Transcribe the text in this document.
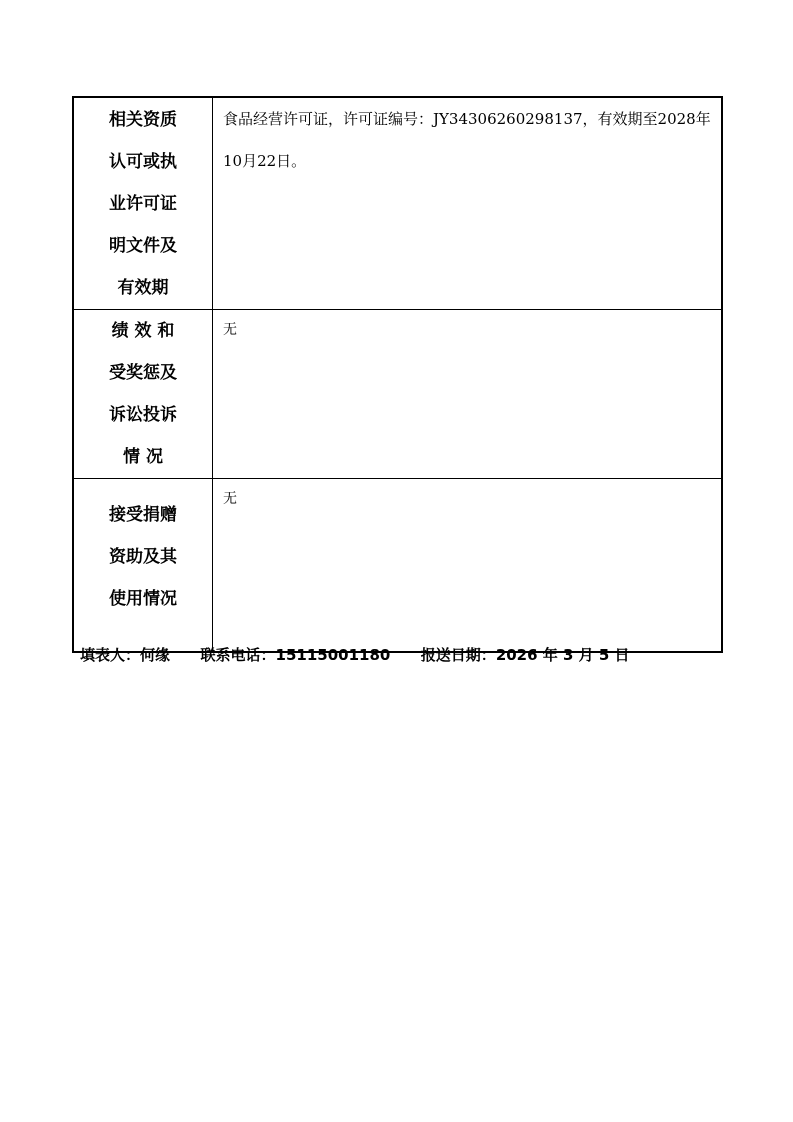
相关资质
认可或执
业许可证
明文件及
有效期	食品经营许可证，许可证编号：JY34306260298137，有效期至2028年10月22日。

绩 效 和
受奖惩及
诉讼投诉
情 况	无

接受捐赠
资助及其
使用情况	无

填表人：何缘 联系电话：15115001180 报送日期：2026 年 3 月 5 日
